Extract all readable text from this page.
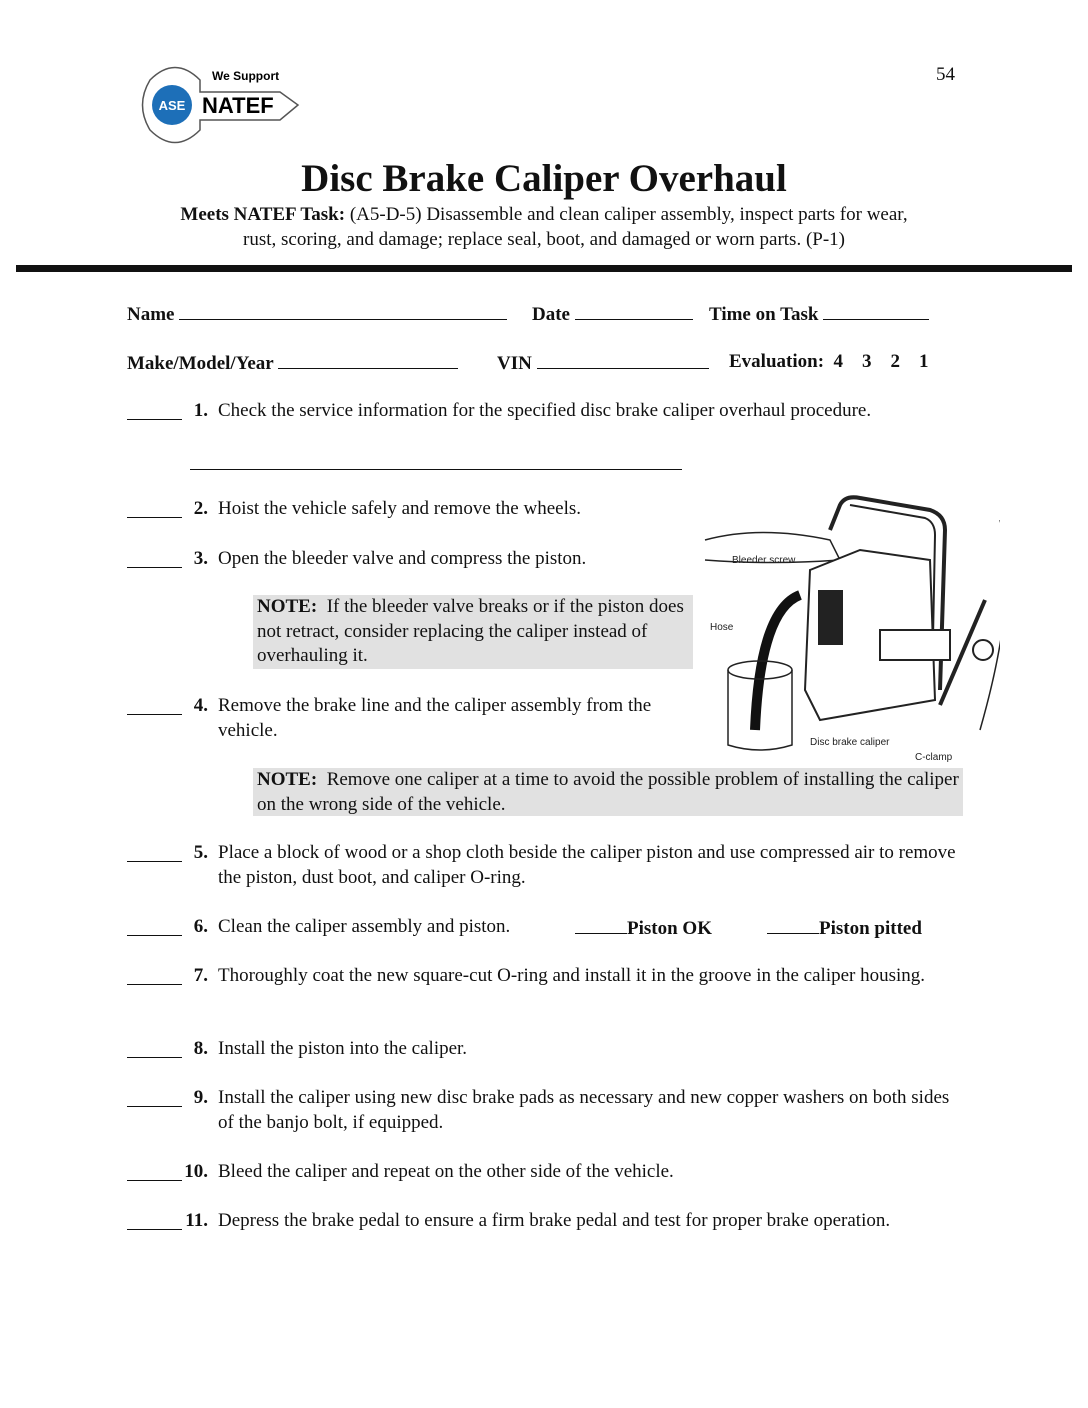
54
ASE
We Support
NATEF
Disc Brake Caliper Overhaul
Meets NATEF Task: (A5-D-5) Disassemble and clean caliper assembly, inspect parts for wear,
rust, scoring, and damage; replace seal, boot, and damaged or worn parts. (P-1)
Name	Date	Time on Task
Make/Model/Year	VIN	Evaluation: 4 3 2 1
1. Check the service information for the specified disc brake caliper overhaul procedure.
2. Hoist the vehicle safely and remove the wheels.
3. Open the bleeder valve and compress the piston.
NOTE: If the bleeder valve breaks or if the piston does not retract, consider replacing the caliper instead of overhauling it.
4. Remove the brake line and the caliper assembly from the vehicle.
Bleeder screw
Hose
Disc brake caliper
C-clamp
NOTE: Remove one caliper at a time to avoid the possible problem of installing the caliper on the wrong side of the vehicle.
5. Place a block of wood or a shop cloth beside the caliper piston and use compressed air to remove the piston, dust boot, and caliper O-ring.
6. Clean the caliper assembly and piston.	Piston OK	Piston pitted
7. Thoroughly coat the new square-cut O-ring and install it in the groove in the caliper housing.
8. Install the piston into the caliper.
9. Install the caliper using new disc brake pads as necessary and new copper washers on both sides of the banjo bolt, if equipped.
10. Bleed the caliper and repeat on the other side of the vehicle.
11. Depress the brake pedal to ensure a firm brake pedal and test for proper brake operation.
